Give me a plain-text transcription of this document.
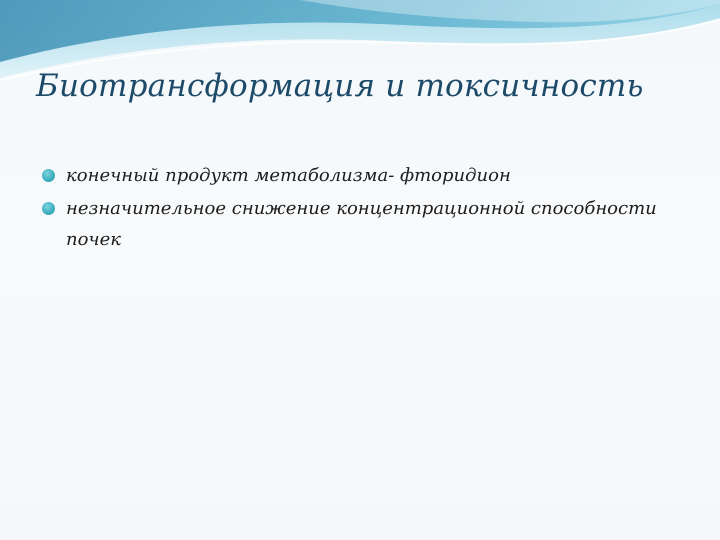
Биотрансформация и токсичность
конечный продукт метаболизма- фторидион
незначительное снижение концентрационной способности почек
